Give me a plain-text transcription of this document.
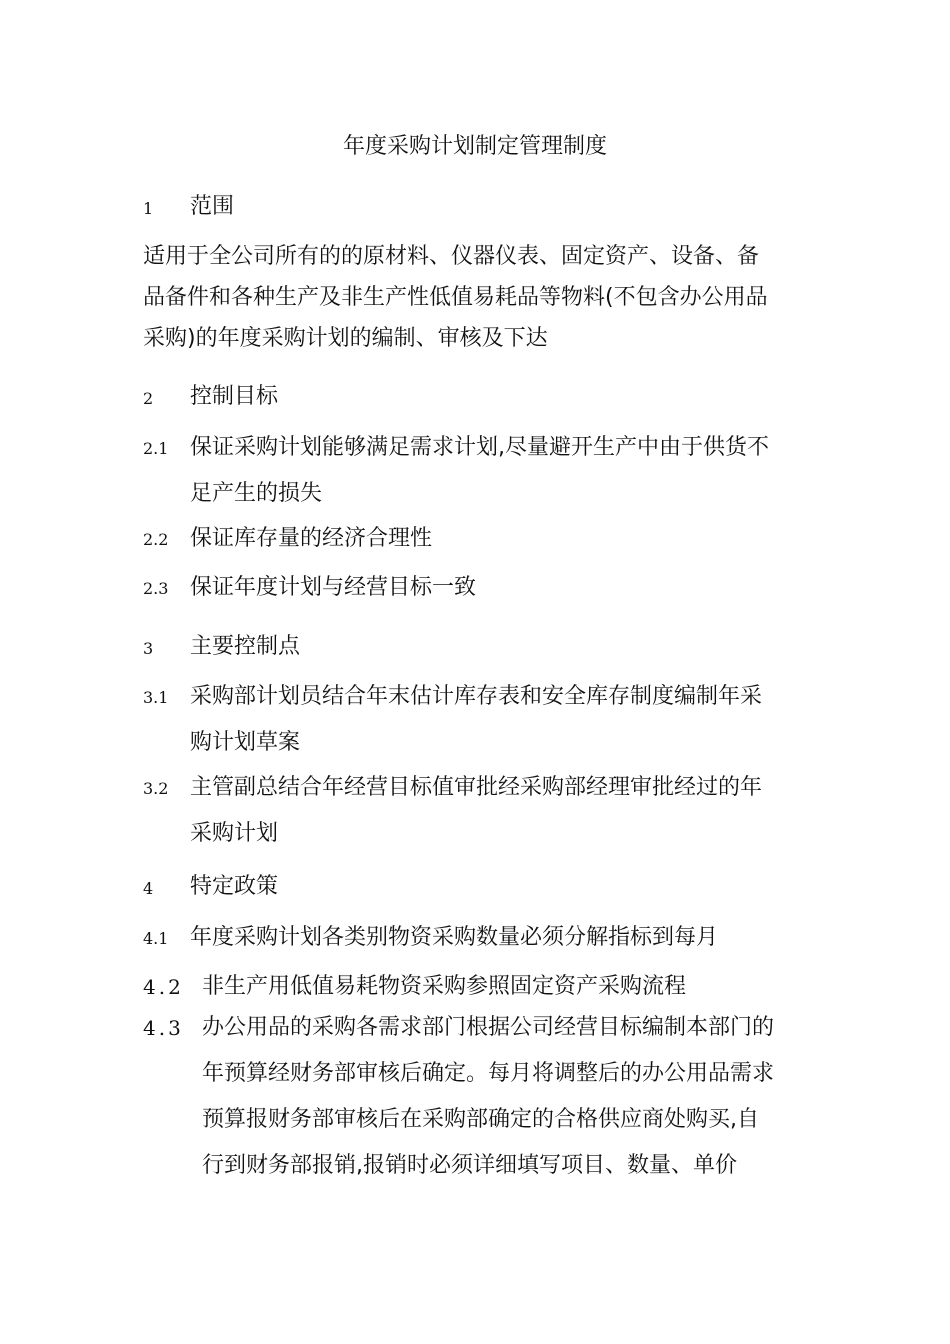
年度采购计划制定管理制度
1 范围
适用于全公司所有的的原材料、仪器仪表、固定资产、设备、备
品备件和各种生产及非生产性低值易耗品等物料(不包含办公用品
采购)的年度采购计划的编制、审核及下达
2 控制目标
2.1 保证采购计划能够满足需求计划,尽量避开生产中由于供货不
足产生的损失
2.2 保证库存量的经济合理性
2.3 保证年度计划与经营目标一致
3 主要控制点
3.1 采购部计划员结合年末估计库存表和安全库存制度编制年采
购计划草案
3.2 主管副总结合年经营目标值审批经采购部经理审批经过的年
采购计划
4 特定政策
4.1 年度采购计划各类别物资采购数量必须分解指标到每月
4.2 非生产用低值易耗物资采购参照固定资产采购流程
4.3 办公用品的采购各需求部门根据公司经营目标编制本部门的
年预算经财务部审核后确定。每月将调整后的办公用品需求
预算报财务部审核后在采购部确定的合格供应商处购买,自
行到财务部报销,报销时必须详细填写项目、数量、单价
